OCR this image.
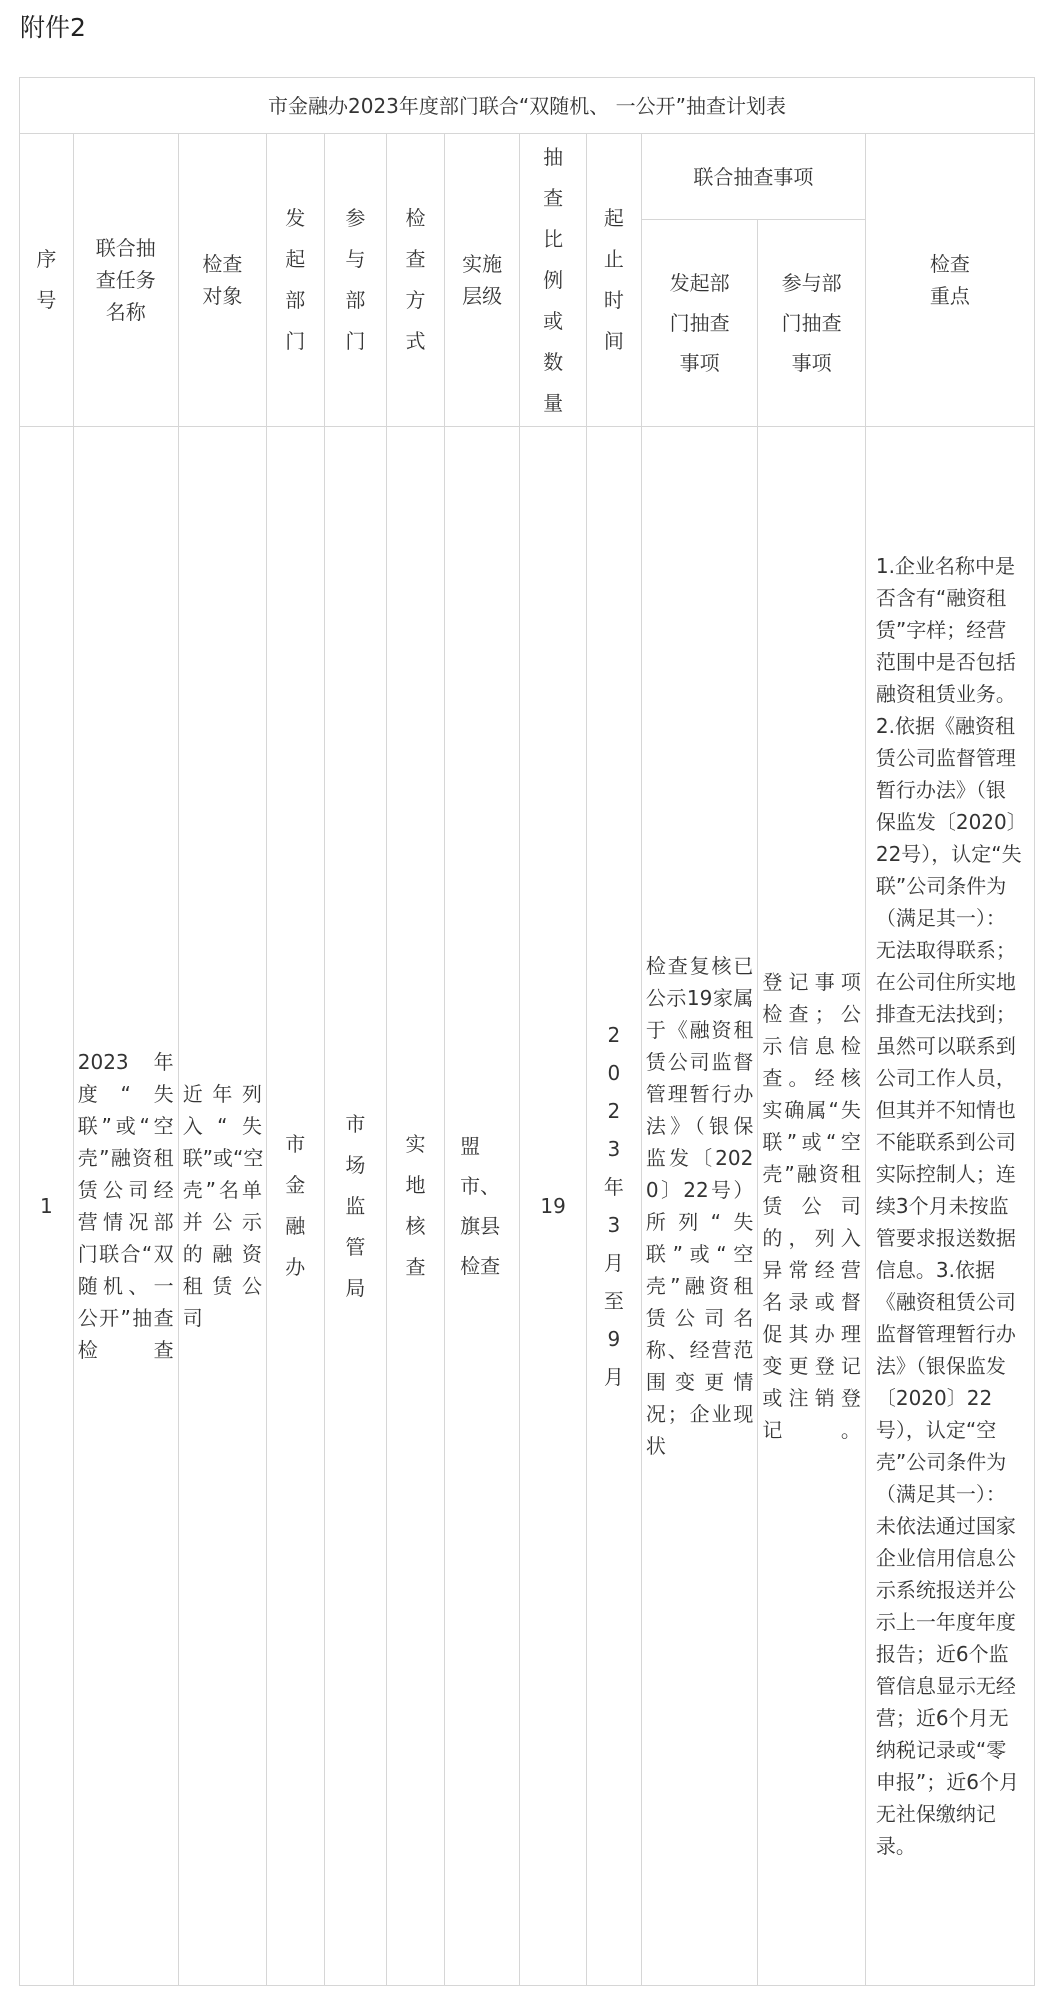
附件2
市金融办2023年度部门联合“双随机、 一公开”抽查计划表											
序号	联合抽查任务名称	检查对象	发起部门	参与部门	检查方式	实施层级	抽查比例或数量	起止时间	联合抽查事项		检查重点
									发起部门抽查事项	参与部门抽查事项	
1	2023年度“失联”或“空壳”融资租赁公司经营情况部门联合“双随机、一公开”抽查检查	近年列入“失联”或“空壳”名单并公示的融资租赁公司	市金融办	市场监管局	实地核查	盟市、旗县检查	19	2023年3月至9月	检查复核已公示19家属于《融资租赁公司监督管理暂行办法》（银保监发〔2020〕22号）所列“失联”或“空壳”融资租赁公司名称、经营范围变更情况；企业现状	登记事项检查；公示信息检查。经核实确属“失联”或“空壳”融资租赁公司的，列入异常经营名录或督促其办理变更登记或注销登记。	1.企业名称中是否含有“融资租赁”字样；经营范围中是否包括融资租赁业务。2.依据《融资租赁公司监督管理暂行办法》（银保监发〔2020〕22号），认定“失联”公司条件为（满足其一）：无法取得联系；在公司住所实地排查无法找到；虽然可以联系到公司工作人员，但其并不知情也不能联系到公司实际控制人；连续3个月未按监管要求报送数据信息。3.依据《融资租赁公司监督管理暂行办法》（银保监发〔2020〕22号），认定“空壳”公司条件为（满足其一）：未依法通过国家企业信用信息公示系统报送并公示上一年度年度报告；近6个监管信息显示无经营；近6个月无纳税记录或“零申报”；近6个月无社保缴纳记录。
